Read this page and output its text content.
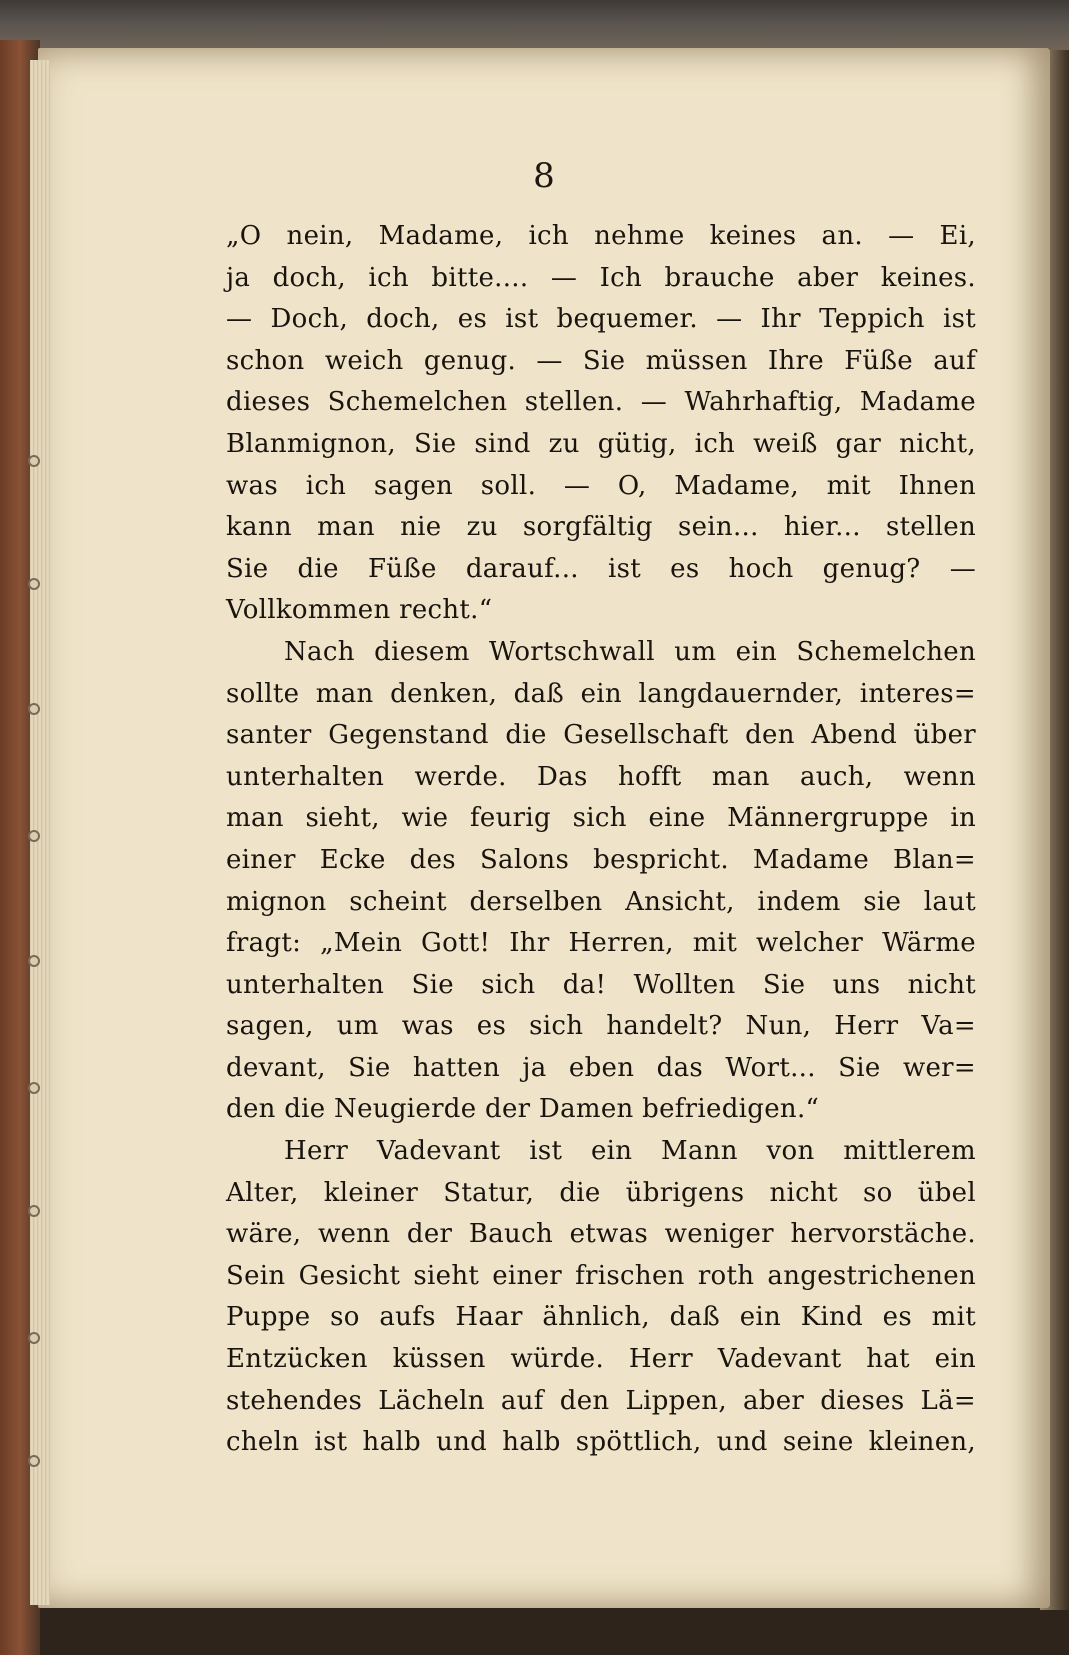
8
„O nein, Madame, ich nehme keines an. — Ei,
ja doch, ich bitte.... — Ich brauche aber keines.
— Doch, doch, es ist bequemer. — Ihr Teppich ist
schon weich genug. — Sie müssen Ihre Füße auf
dieses Schemelchen stellen. — Wahrhaftig, Madame
Blanmignon, Sie sind zu gütig, ich weiß gar nicht,
was ich sagen soll. — O, Madame, mit Ihnen
kann man nie zu sorgfältig sein... hier... stellen
Sie die Füße darauf... ist es hoch genug? —
Vollkommen recht.“
Nach diesem Wortschwall um ein Schemelchen
sollte man denken, daß ein langdauernder, interes=
santer Gegenstand die Gesellschaft den Abend über
unterhalten werde. Das hofft man auch, wenn
man sieht, wie feurig sich eine Männergruppe in
einer Ecke des Salons bespricht. Madame Blan=
mignon scheint derselben Ansicht, indem sie laut
fragt: „Mein Gott! Ihr Herren, mit welcher Wärme
unterhalten Sie sich da! Wollten Sie uns nicht
sagen, um was es sich handelt? Nun, Herr Va=
devant, Sie hatten ja eben das Wort... Sie wer=
den die Neugierde der Damen befriedigen.“
Herr Vadevant ist ein Mann von mittlerem
Alter, kleiner Statur, die übrigens nicht so übel
wäre, wenn der Bauch etwas weniger hervorstäche.
Sein Gesicht sieht einer frischen roth angestrichenen
Puppe so aufs Haar ähnlich, daß ein Kind es mit
Entzücken küssen würde. Herr Vadevant hat ein
stehendes Lächeln auf den Lippen, aber dieses Lä=
cheln ist halb und halb spöttlich, und seine kleinen,
